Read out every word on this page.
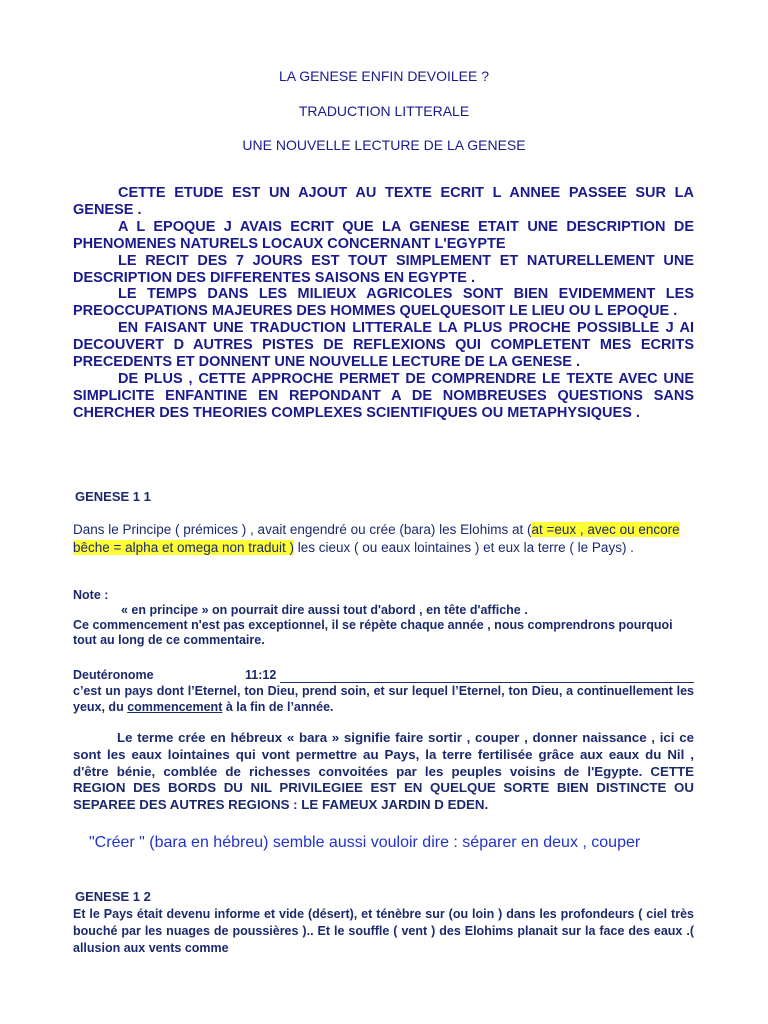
LA GENESE ENFIN DEVOILEE ?
TRADUCTION LITTERALE
UNE NOUVELLE LECTURE DE LA GENESE

CETTE ETUDE EST UN AJOUT AU TEXTE ECRIT L ANNEE PASSEE SUR LA GENESE .

A L EPOQUE J AVAIS ECRIT QUE LA GENESE ETAIT UNE DESCRIPTION DE PHENOMENES NATURELS LOCAUX CONCERNANT L'EGYPTE

LE RECIT DES 7 JOURS EST TOUT SIMPLEMENT ET NATURELLEMENT UNE DESCRIPTION DES DIFFERENTES SAISONS EN EGYPTE .

LE TEMPS DANS LES MILIEUX AGRICOLES SONT BIEN EVIDEMMENT LES PREOCCUPATIONS MAJEURES DES HOMMES QUELQUESOIT LE LIEU OU L EPOQUE .

EN FAISANT UNE TRADUCTION LITTERALE LA PLUS PROCHE POSSIBLLE J AI DECOUVERT D AUTRES PISTES DE REFLEXIONS QUI COMPLETENT MES ECRITS PRECEDENTS ET DONNENT UNE NOUVELLE LECTURE DE LA GENESE .

DE PLUS , CETTE APPROCHE PERMET DE COMPRENDRE LE TEXTE AVEC UNE SIMPLICITE ENFANTINE EN REPONDANT A DE NOMBREUSES QUESTIONS SANS CHERCHER DES THEORIES COMPLEXES SCIENTIFIQUES OU METAPHYSIQUES .

GENESE 1 1
Dans le Principe ( prémices ) , avait engendré ou crée (bara) les Elohims at (at =eux , avec ou encore bêche = alpha et omega non traduit ) les cieux ( ou eaux lointaines ) et eux la terre ( le Pays) .

Note :

« en principe » on pourrait dire aussi tout d'abord , en tête d'affiche .

Ce commencement n'est pas exceptionnel, il se répète chaque année , nous comprendrons pourquoi tout au long de ce commentaire.

Deutéronome	11:12
c’est un pays dont l’Eternel, ton Dieu, prend soin, et sur lequel l’Eternel, ton Dieu, a continuellement les yeux, du commencement à la fin de l’année.
Le terme crée en hébreux « bara » signifie faire sortir , couper , donner naissance , ici ce sont les eaux lointaines qui vont permettre au Pays, la terre fertilisée grâce aux eaux du Nil , d'être bénie, comblée de richesses convoitées par les peuples voisins de l'Egypte. CETTE REGION DES BORDS DU NIL PRIVILEGIEE EST EN QUELQUE SORTE BIEN DISTINCTE OU SEPAREE DES AUTRES REGIONS : LE FAMEUX JARDIN D EDEN.
"Créer " (bara en hébreu) semble aussi vouloir dire : séparer en deux , couper
GENESE 1 2
Et le Pays était devenu informe et vide (désert), et ténèbre sur (ou loin ) dans les profondeurs ( ciel très bouché par les nuages de poussières ).. Et le souffle ( vent ) des Elohims planait sur la face des eaux .( allusion aux vents comme
